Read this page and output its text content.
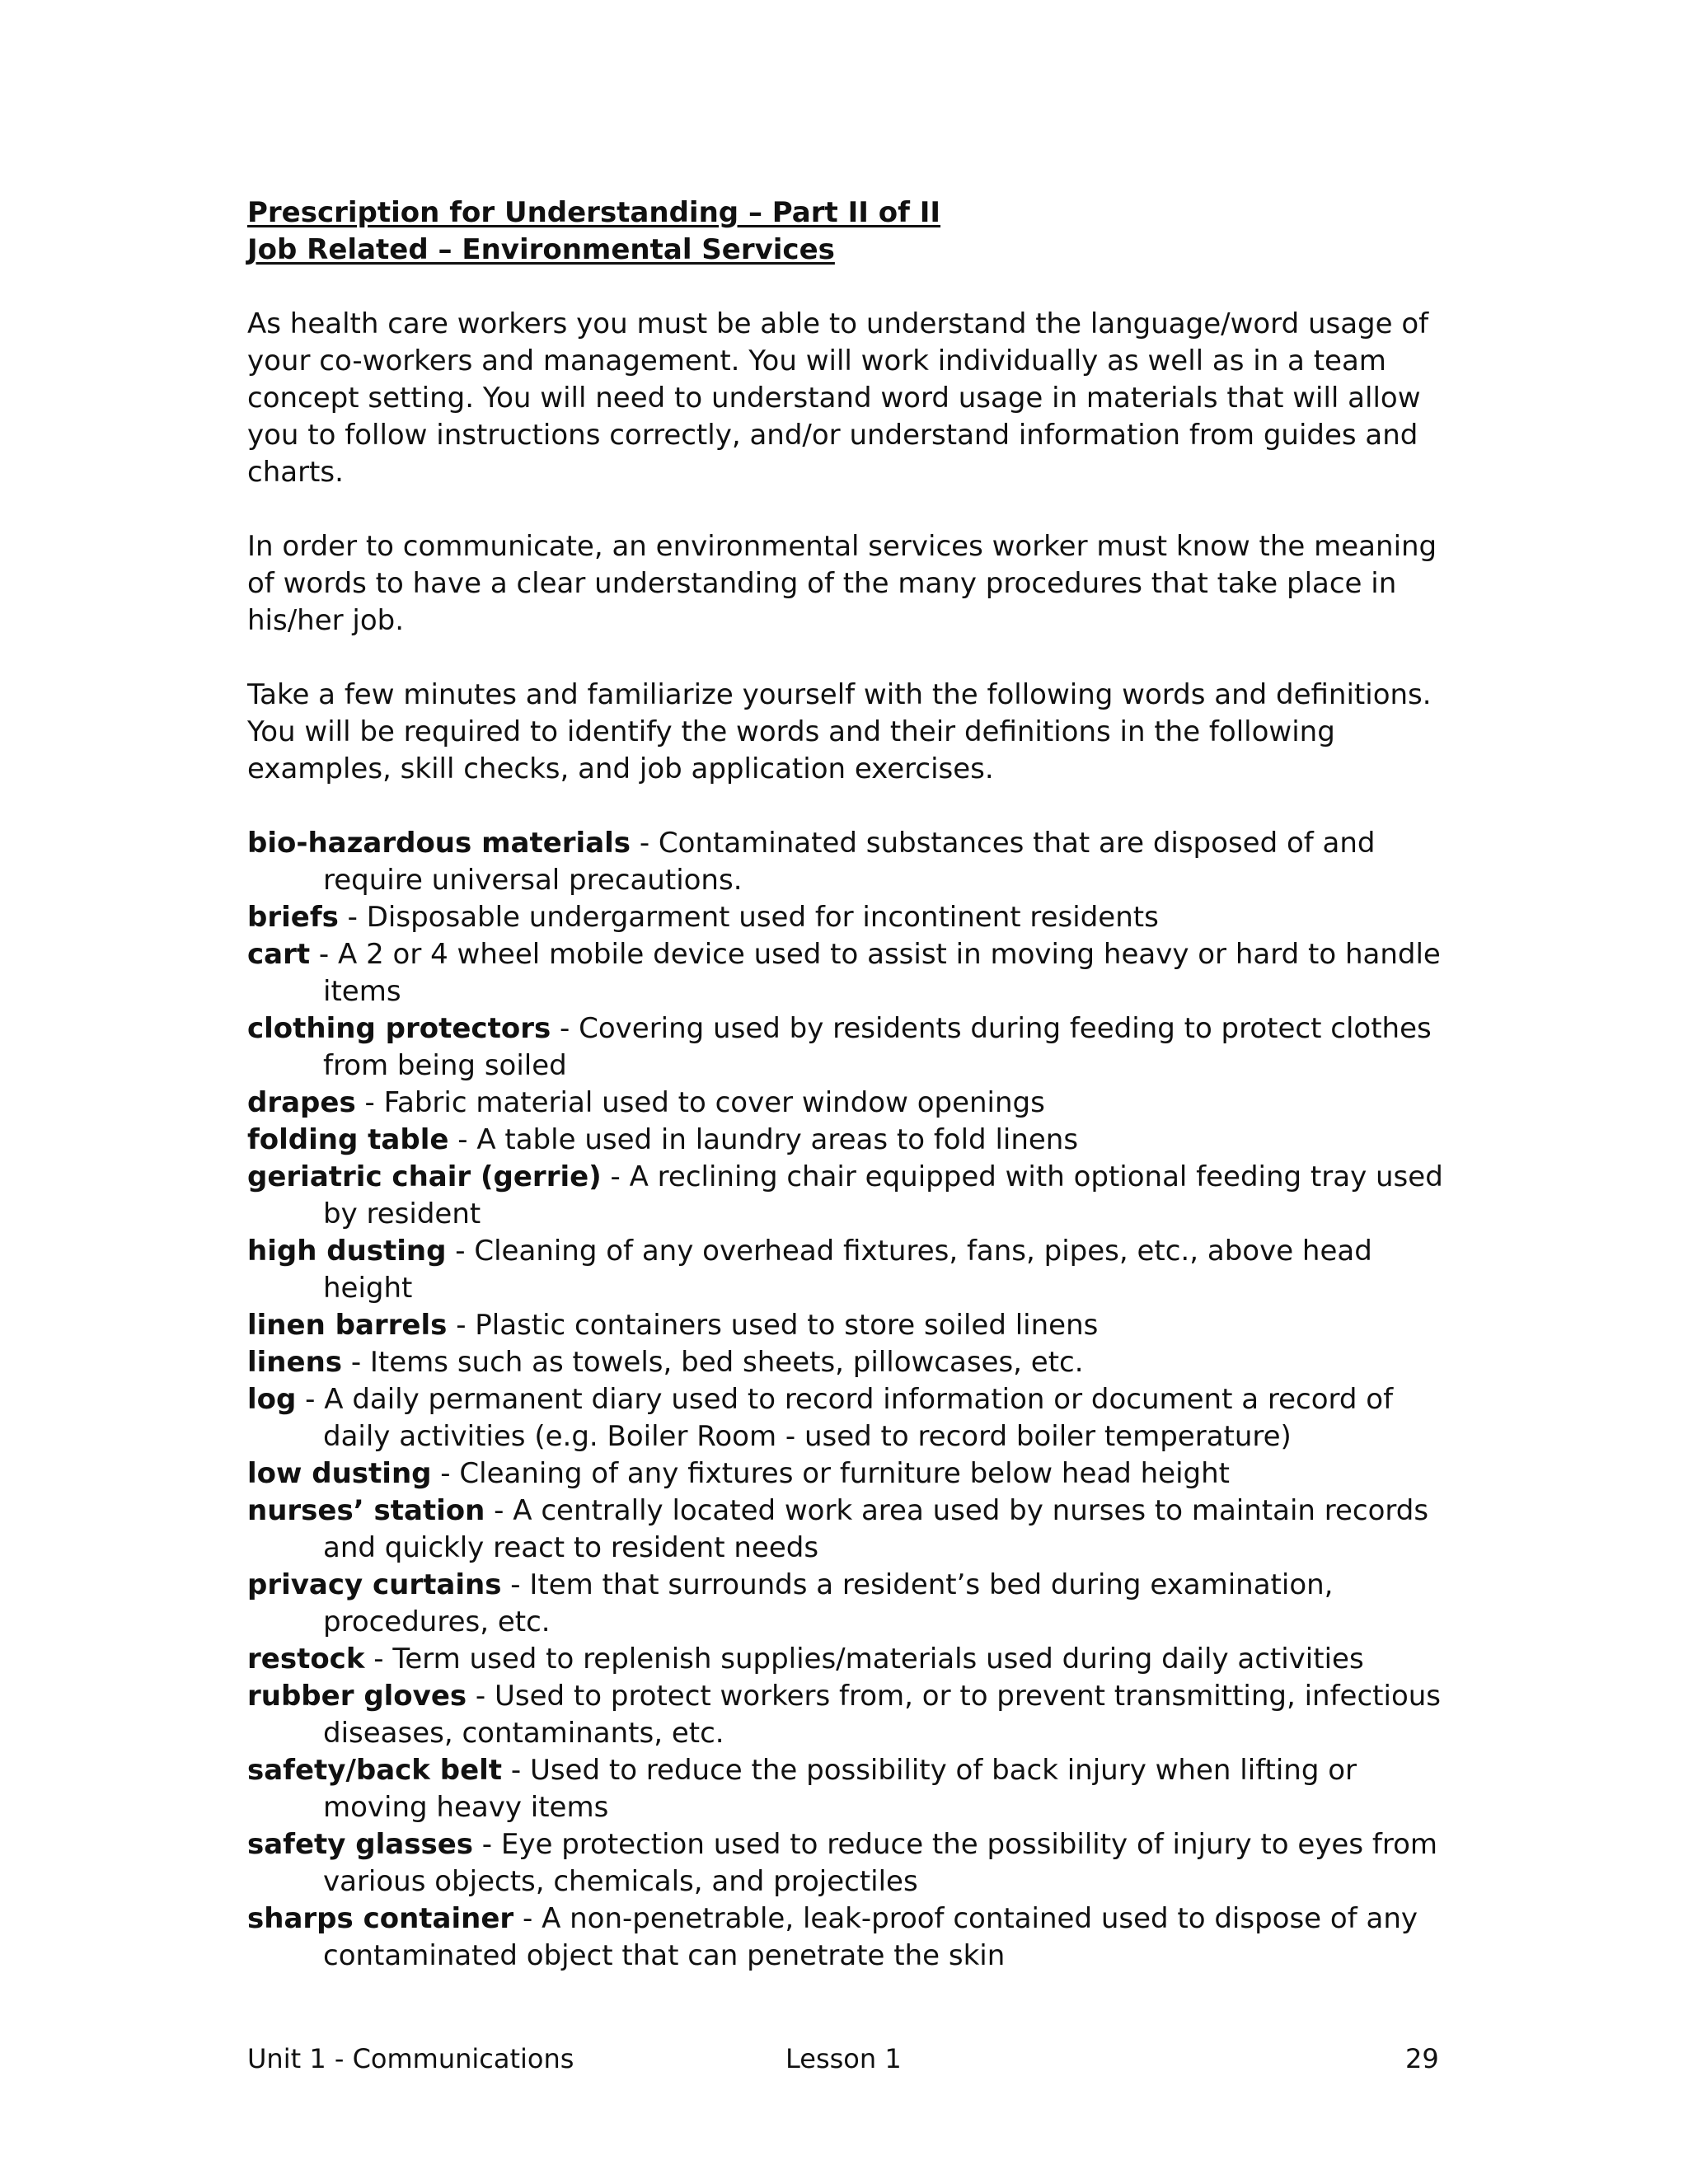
Prescription for Understanding – Part II of II
Job Related – Environmental Services
As health care workers you must be able to understand the language/word usage of your co-workers and management. You will work individually as well as in a team concept setting. You will need to understand word usage in materials that will allow you to follow instructions correctly, and/or understand information from guides and charts.
In order to communicate, an environmental services worker must know the meaning of words to have a clear understanding of the many procedures that take place in his/her job.
Take a few minutes and familiarize yourself with the following words and definitions. You will be required to identify the words and their definitions in the following examples, skill checks, and job application exercises.
bio-hazardous materials - Contaminated substances that are disposed of and require universal precautions.
briefs - Disposable undergarment used for incontinent residents
cart - A 2 or 4 wheel mobile device used to assist in moving heavy or hard to handle items
clothing protectors - Covering used by residents during feeding to protect clothes from being soiled
drapes - Fabric material used to cover window openings
folding table - A table used in laundry areas to fold linens
geriatric chair (gerrie) - A reclining chair equipped with optional feeding tray used by resident
high dusting - Cleaning of any overhead fixtures, fans, pipes, etc., above head height
linen barrels - Plastic containers used to store soiled linens
linens - Items such as towels, bed sheets, pillowcases, etc.
log - A daily permanent diary used to record information or document a record of daily activities (e.g. Boiler Room - used to record boiler temperature)
low dusting - Cleaning of any fixtures or furniture below head height
nurses’ station - A centrally located work area used by nurses to maintain records and quickly react to resident needs
privacy curtains - Item that surrounds a resident’s bed during examination, procedures, etc.
restock - Term used to replenish supplies/materials used during daily activities
rubber gloves - Used to protect workers from, or to prevent transmitting, infectious diseases, contaminants, etc.
safety/back belt - Used to reduce the possibility of back injury when lifting or moving heavy items
safety glasses - Eye protection used to reduce the possibility of injury to eyes from various objects, chemicals, and projectiles
sharps container - A non-penetrable, leak-proof contained used to dispose of any contaminated object that can penetrate the skin
Unit 1 - Communications	Lesson 1	29
